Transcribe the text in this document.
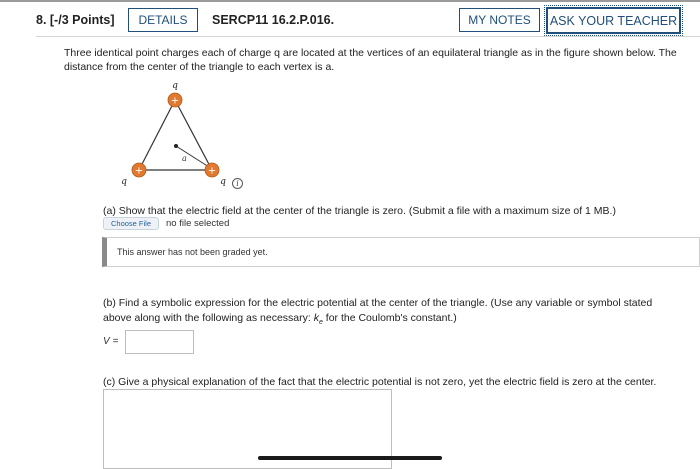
8. [-/3 Points]	DETAILS	SERCP11 16.2.P.016.	MY NOTES	ASK YOUR TEACHER
Three identical point charges each of charge q are located at the vertices of an equilateral triangle as in the figure shown below. The distance from the center of the triangle to each vertex is a.
a
+
+	+
q
q	q	i
(a) Show that the electric field at the center of the triangle is zero. (Submit a file with a maximum size of 1 MB.)
Choose File	no file selected
This answer has not been graded yet.
(b) Find a symbolic expression for the electric potential at the center of the triangle. (Use any variable or symbol stated above along with the following as necessary: $k_e$ for the Coulomb's constant.)
V =
(c) Give a physical explanation of the fact that the electric potential is not zero, yet the electric field is zero at the center.
